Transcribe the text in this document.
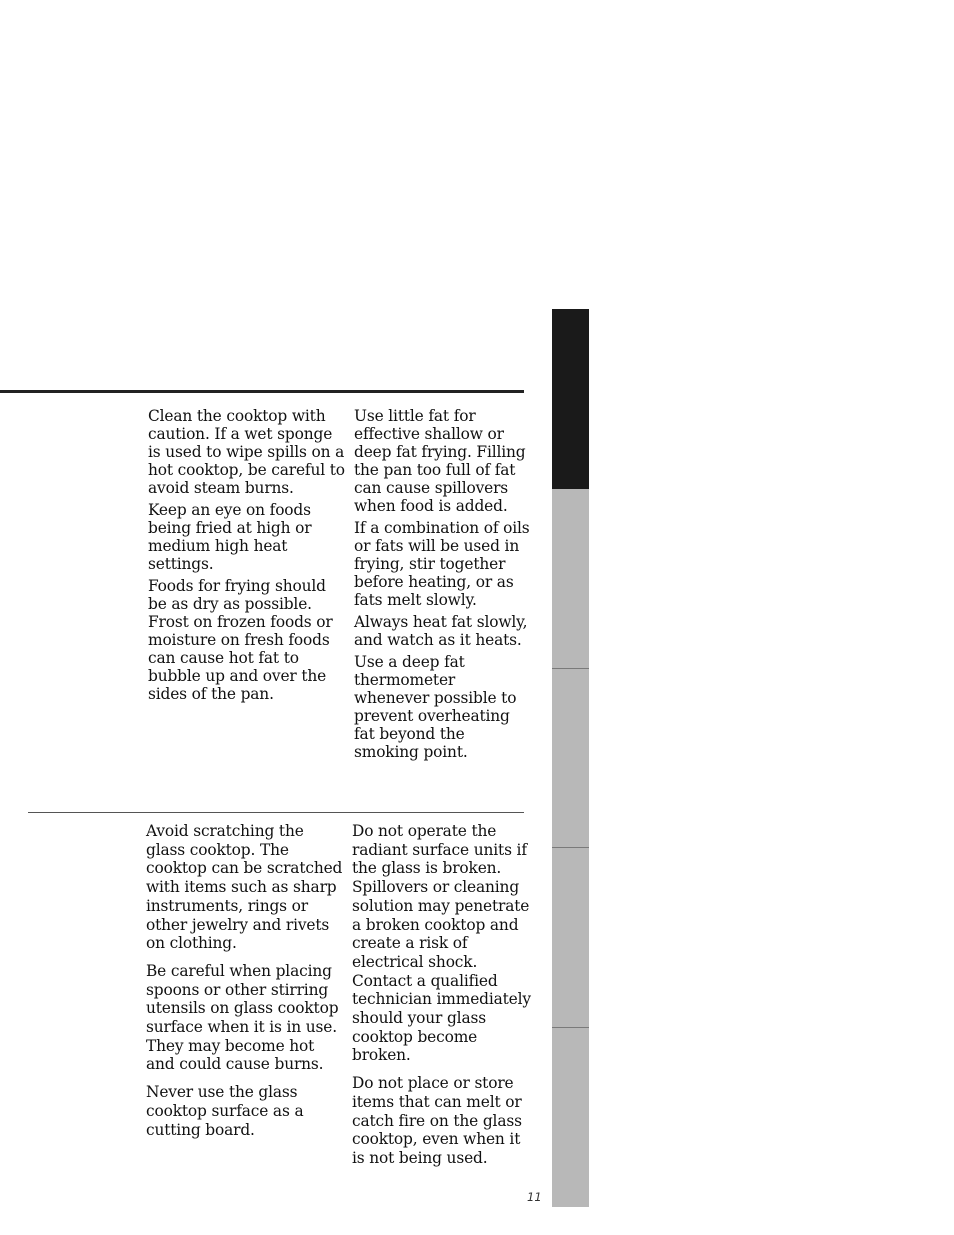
Clean the cooktop with caution. If a wet sponge is used to wipe spills on a hot cooktop, be careful to avoid steam burns.

Keep an eye on foods being fried at high or medium high heat settings.

Foods for frying should be as dry as possible. Frost on frozen foods or moisture on fresh foods can cause hot fat to bubble up and over the sides of the pan.

Use little fat for effective shallow or deep fat frying. Filling the pan too full of fat can cause spillovers when food is added.

If a combination of oils or fats will be used in frying, stir together before heating, or as fats melt slowly.

Always heat fat slowly, and watch as it heats.

Use a deep fat thermometer whenever possible to prevent overheating fat beyond the smoking point.

Avoid scratching the glass cooktop. The cooktop can be scratched with items such as sharp instruments, rings or other jewelry and rivets on clothing.

Be careful when placing spoons or other stirring utensils on glass cooktop surface when it is in use. They may become hot and could cause burns.

Never use the glass cooktop surface as a cutting board.

Do not operate the radiant surface units if the glass is broken. Spillovers or cleaning solution may penetrate a broken cooktop and create a risk of electrical shock. Contact a qualified technician immediately should your glass cooktop become broken.

Do not place or store items that can melt or catch fire on the glass cooktop, even when it is not being used.

11
